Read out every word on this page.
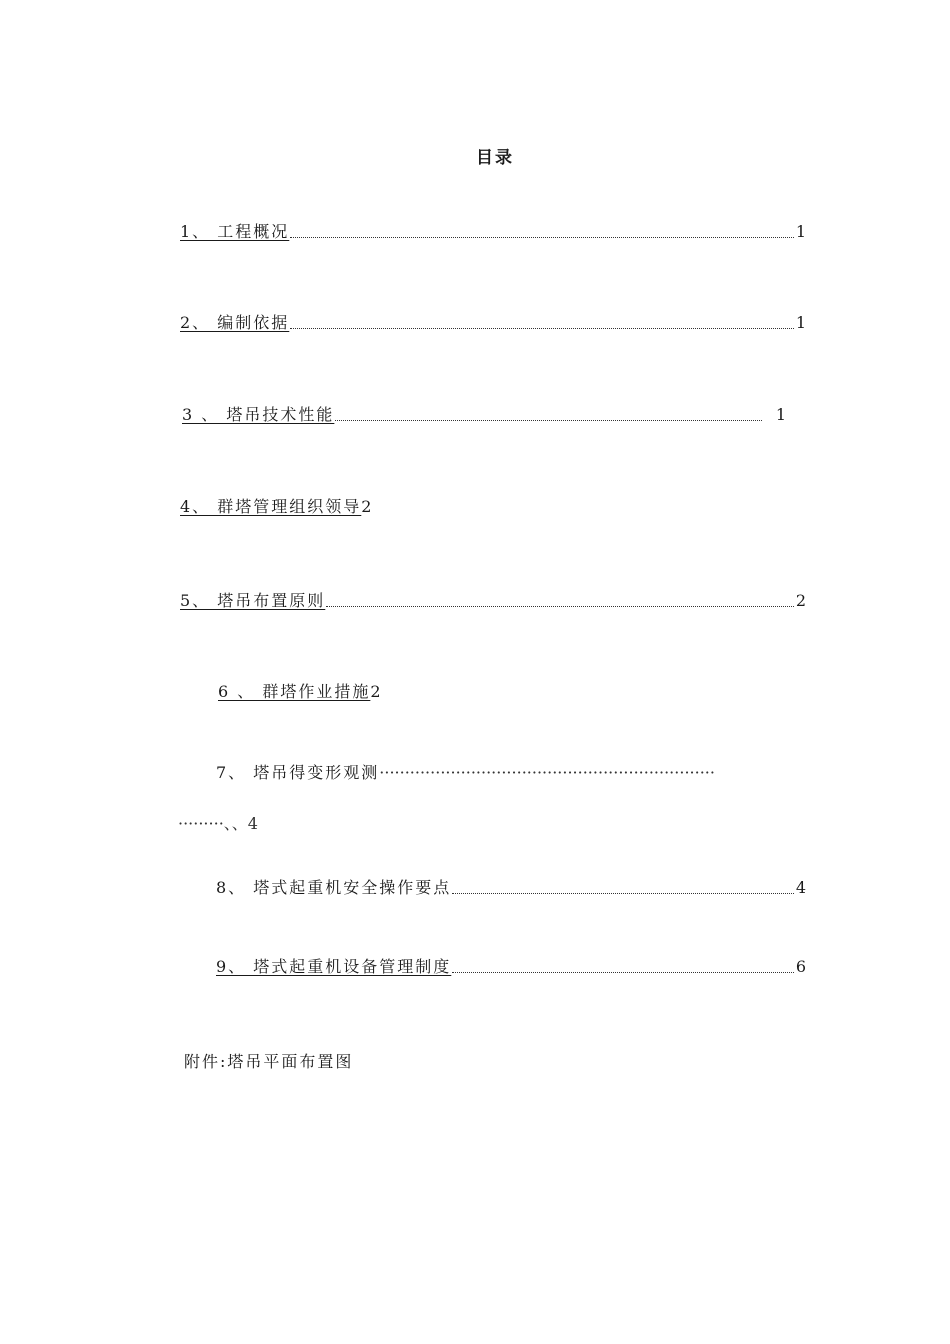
目录
1、 工程概况	1
2、 编制依据	1
3 、 塔吊技术性能	1
4、 群塔管理组织领导 2
5、 塔吊布置原则	2
6 、 群塔作业措施 2
7、 塔吊得变形观测 ··································································
·········、、4
8、 塔式起重机安全操作要点	4
9、 塔式起重机设备管理制度	6
附件:塔吊平面布置图
